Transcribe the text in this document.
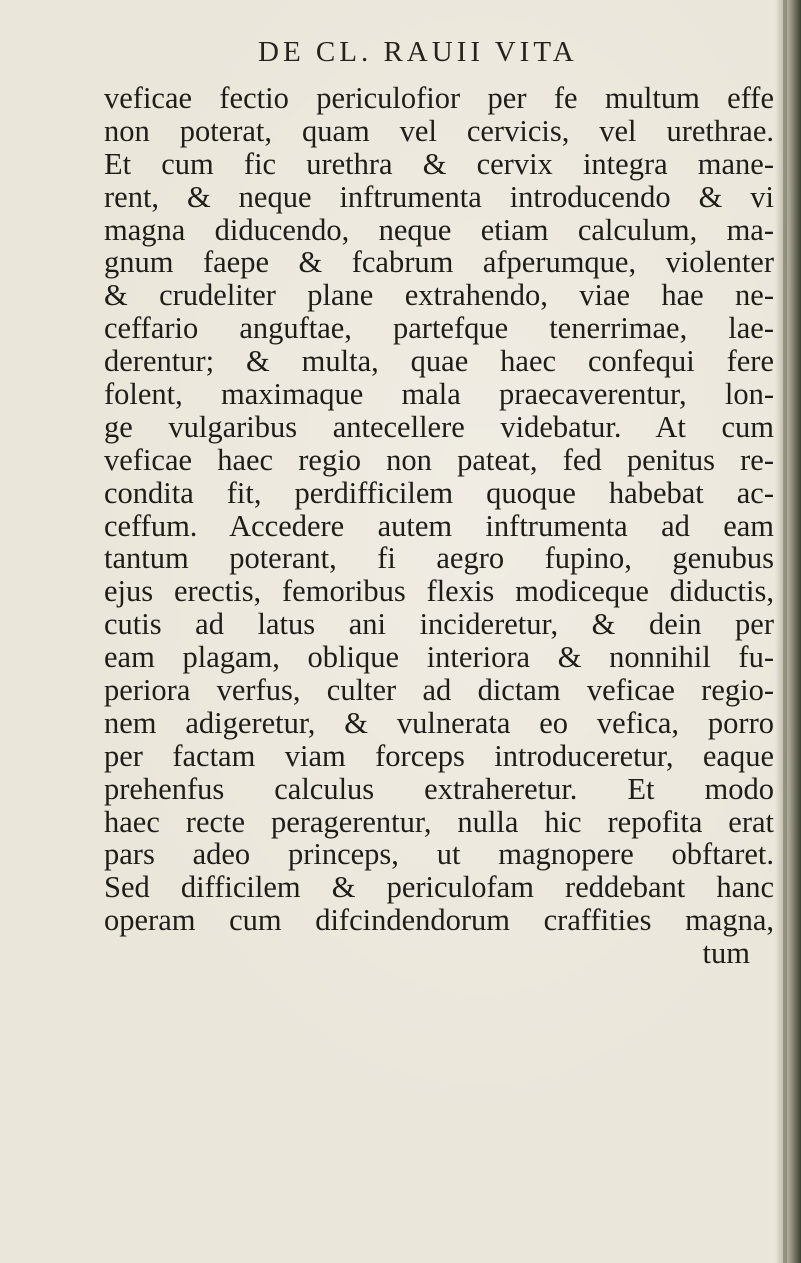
DE CL. RAUII VITA
veficae fectio periculofior per fe multum effe
non poterat, quam vel cervicis, vel urethrae.
Et cum fic urethra & cervix integra mane-
rent, & neque inftrumenta introducendo & vi
magna diducendo, neque etiam calculum, ma-
gnum faepe & fcabrum afperumque, violenter
& crudeliter plane extrahendo, viae hae ne-
ceffario anguftae, partefque tenerrimae, lae-
derentur; & multa, quae haec confequi fere
folent, maximaque mala praecaverentur, lon-
ge vulgaribus antecellere videbatur. At cum
veficae haec regio non pateat, fed penitus re-
condita fit, perdifficilem quoque habebat ac-
ceffum. Accedere autem inftrumenta ad eam
tantum poterant, fi aegro fupino, genubus
ejus erectis, femoribus flexis modiceque diductis,
cutis ad latus ani incideretur, & dein per
eam plagam, oblique interiora & nonnihil fu-
periora verfus, culter ad dictam veficae regio-
nem adigeretur, & vulnerata eo vefica, porro
per factam viam forceps introduceretur, eaque
prehenfus calculus extraheretur. Et modo
haec recte peragerentur, nulla hic repofita erat
pars adeo princeps, ut magnopere obftaret.
Sed difficilem & periculofam reddebant hanc
operam cum difcindendorum craffities magna,
tum
